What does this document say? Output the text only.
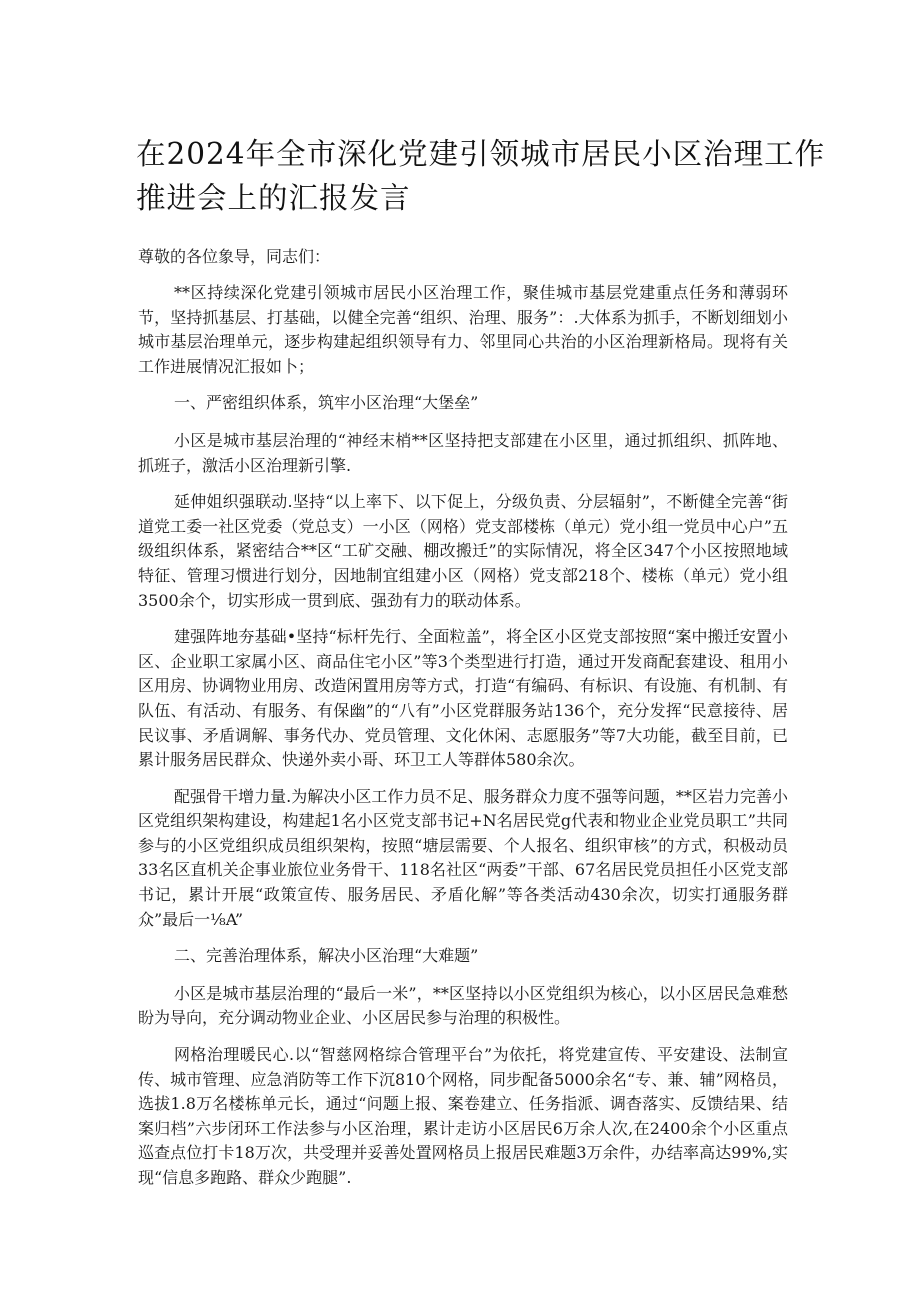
在2024年全市深化党建引领城市居民小区治理工作
推进会上的汇报发言

尊敬的各位象导，同志们：

**区持续深化党建引领城市居民小区治理工作，聚佳城市基层党建重点任务和薄弱环节，坚持抓基层、打基础，以健全完善“组织、治理、服务”：.大体系为抓手，不断划细划小城市基层治理单元，逐步构建起组织领导有力、邻里同心共治的小区治理新格局。现将有关工作进展情况汇报如卜；

一、严密组织体系，筑牢小区治理“大堡垒”

小区是城市基层治理的“神经末梢**区坚持把支部建在小区里，通过抓组织、抓阵地、抓班子，激活小区治理新引擎.

延伸姐织强联动.坚持“以上率下、以下促上，分级负责、分层辐射”，不断健全完善“街道党工委一社区党委（党总支）一小区（网格）党支部楼栋（单元）党小组一党员中心户”五级组织体系，紧密结合**区“工矿交融、棚改搬迁”的实际情况，将全区347个小区按照地域特征、管理习惯进行划分，因地制宜组建小区（网格）党支部218个、楼栋（单元）党小组3500余个，切实形成一贯到底、强劲有力的联动体系。

建强阵地夯基础•坚持“标杆先行、全面粒盖”，将全区小区党支部按照“案中搬迁安置小区、企业职工家属小区、商品住宅小区”等3个类型进行打造，通过开发商配套建设、租用小区用房、协调物业用房、改造闲置用房等方式，打造“有编码、有标识、有设施、有机制、有队伍、有活动、有服务、有保幽”的“八有”小区党群服务站136个，充分发挥“民意接待、居民议事、矛盾调解、事务代办、党员管理、文化休闲、志愿服务”等7大功能，截至目前，已累计服务居民群众、快递外卖小哥、环卫工人等群体580余次。

配强骨干增力量.为解决小区工作力员不足、服务群众力度不强等问题，**区岩力完善小区党组织架构建设，构建起1名小区党支部书记+N名居民党g代表和物业企业党员职工”共同参与的小区党组织成员组织架构，按照“塘层需要、个人报名、组织审核”的方式，积极动员33名区直机关企事业旅位业务骨干、118名社区“两委”干部、67名居民党员担任小区党支部书记，累计开展“政策宣传、服务居民、矛盾化解”等各类活动430余次，切实打通服务群众”最后一⅛A”

二、完善治理体系，解决小区治理“大难题”

小区是城市基层治理的“最后一米”，**区坚持以小区党组织为核心，以小区居民急难愁盼为导向，充分调动物业企业、小区居民参与治理的积极性。

网格治理暖民心.以“智慈网格综合管理平台”为依托，将党建宣传、平安建设、法制宣传、城市管理、应急消防等工作下沉810个网格，同步配备5000余名“专、兼、辅”网格员，选拔1.8万名楼栋单元长，通过“问题上报、案卷建立、任务指派、调杳落实、反馈结果、结案归档”六步闭环工作法参与小区治理，累计走访小区居民6万余人次,在2400余个小区重点巡查点位打卡18万次，共受理并妥善处置网格员上报居民难题3万余件，办结率高达99%,实现“信息多跑路、群众少跑腿”.
